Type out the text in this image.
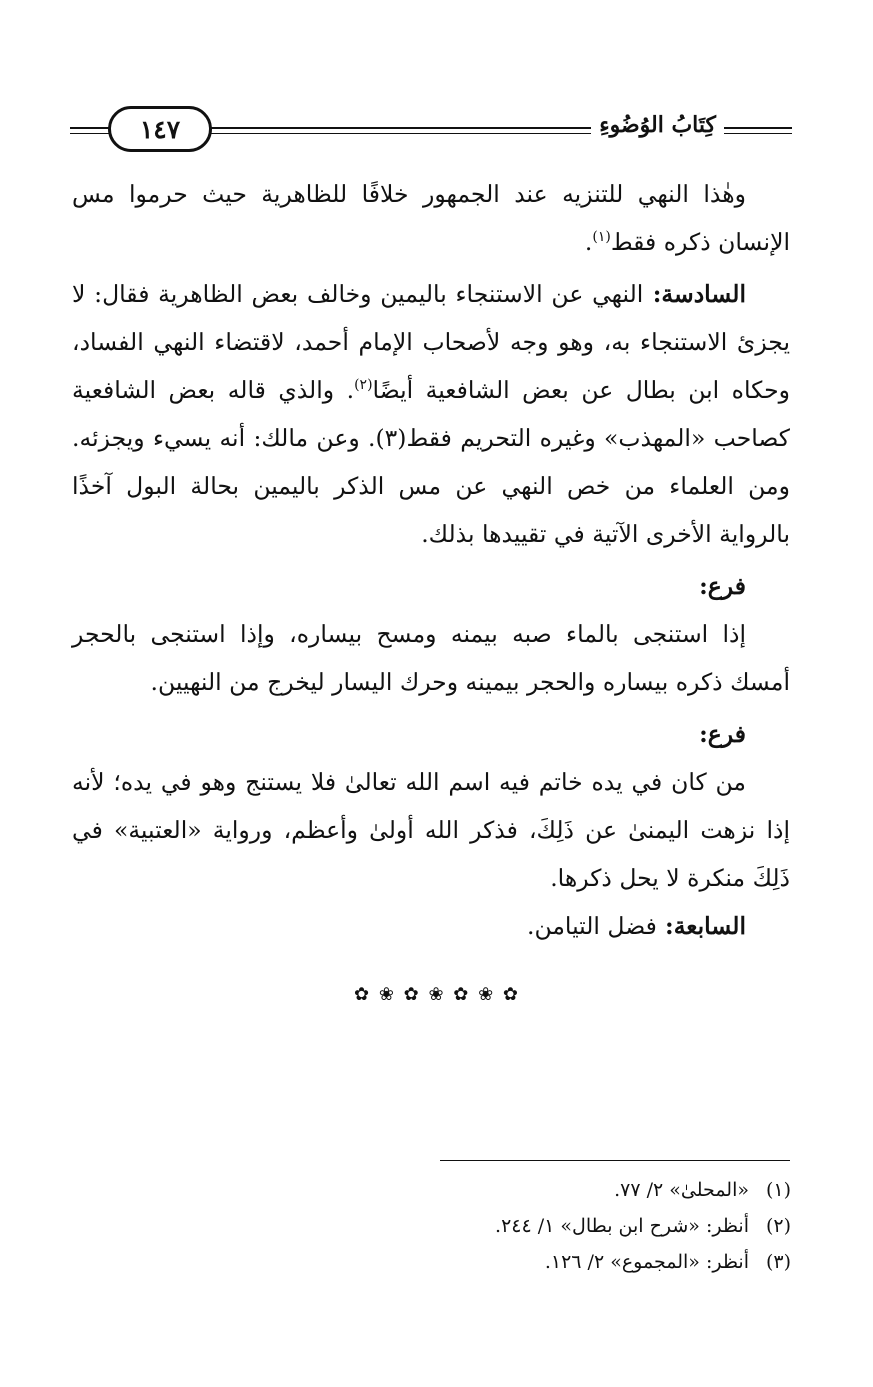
١٤٧	كِتَابُ الوُضُوءِ

وهٰذا النهي للتنزيه عند الجمهور خلافًا للظاهرية حيث حرموا مس الإنسان ذكره فقط$^{(١)}$.

السادسة: النهي عن الاستنجاء باليمين وخالف بعض الظاهرية فقال: لا يجزئ الاستنجاء به، وهو وجه لأصحاب الإمام أحمد، لاقتضاء النهي الفساد، وحكاه ابن بطال عن بعض الشافعية أيضًا$^{(٢)}$. والذي قاله بعض الشافعية كصاحب «المهذب» وغيره التحريم فقط(٣). وعن مالك: أنه يسيء ويجزئه. ومن العلماء من خص النهي عن مس الذكر باليمين بحالة البول آخذًا بالرواية الأخرى الآتية في تقييدها بذلك.

فرع:

إذا استنجى بالماء صبه بيمنه ومسح بيساره، وإذا استنجى بالحجر أمسك ذكره بيساره والحجر بيمينه وحرك اليسار ليخرج من النهيين.

فرع:

من كان في يده خاتم فيه اسم الله تعالىٰ فلا يستنج وهو في يده؛ لأنه إذا نزهت اليمنىٰ عن ذَلِكَ، فذكر الله أولىٰ وأعظم، ورواية «العتبية» في ذَلِكَ منكرة لا يحل ذكرها.

السابعة: فضل التيامن.

✿ ❀ ✿ ❀ ✿ ❀ ✿

(١)«المحلىٰ» ٢/ ٧٧.

(٢)أنظر: «شرح ابن بطال» ١/ ٢٤٤.

(٣)أنظر: «المجموع» ٢/ ١٢٦.
